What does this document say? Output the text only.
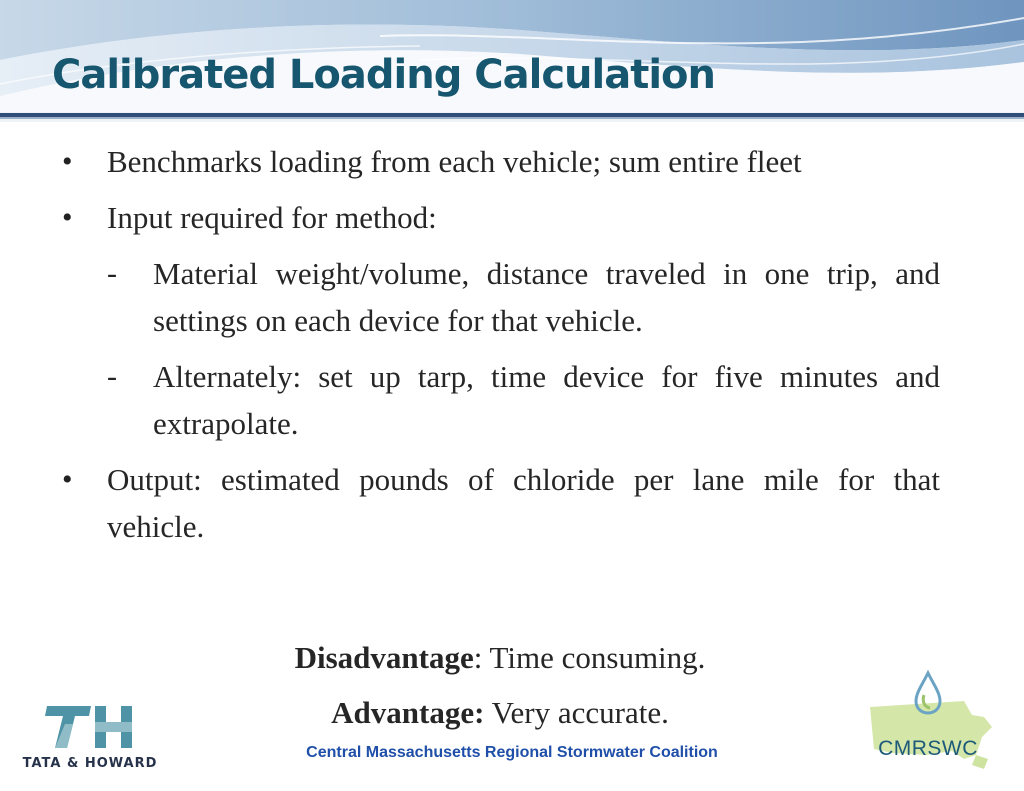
Calibrated Loading Calculation
• Benchmarks loading from each vehicle; sum entire fleet
• Input required for method:
- Material weight/volume, distance traveled in one trip, and settings on each device for that vehicle.
- Alternately: set up tarp, time device for five minutes and extrapolate.
• Output: estimated pounds of chloride per lane mile for that vehicle.
Disadvantage: Time consuming.
Advantage: Very accurate.
Central Massachusetts Regional Stormwater Coalition
TATA & HOWARD
CMRSWC
